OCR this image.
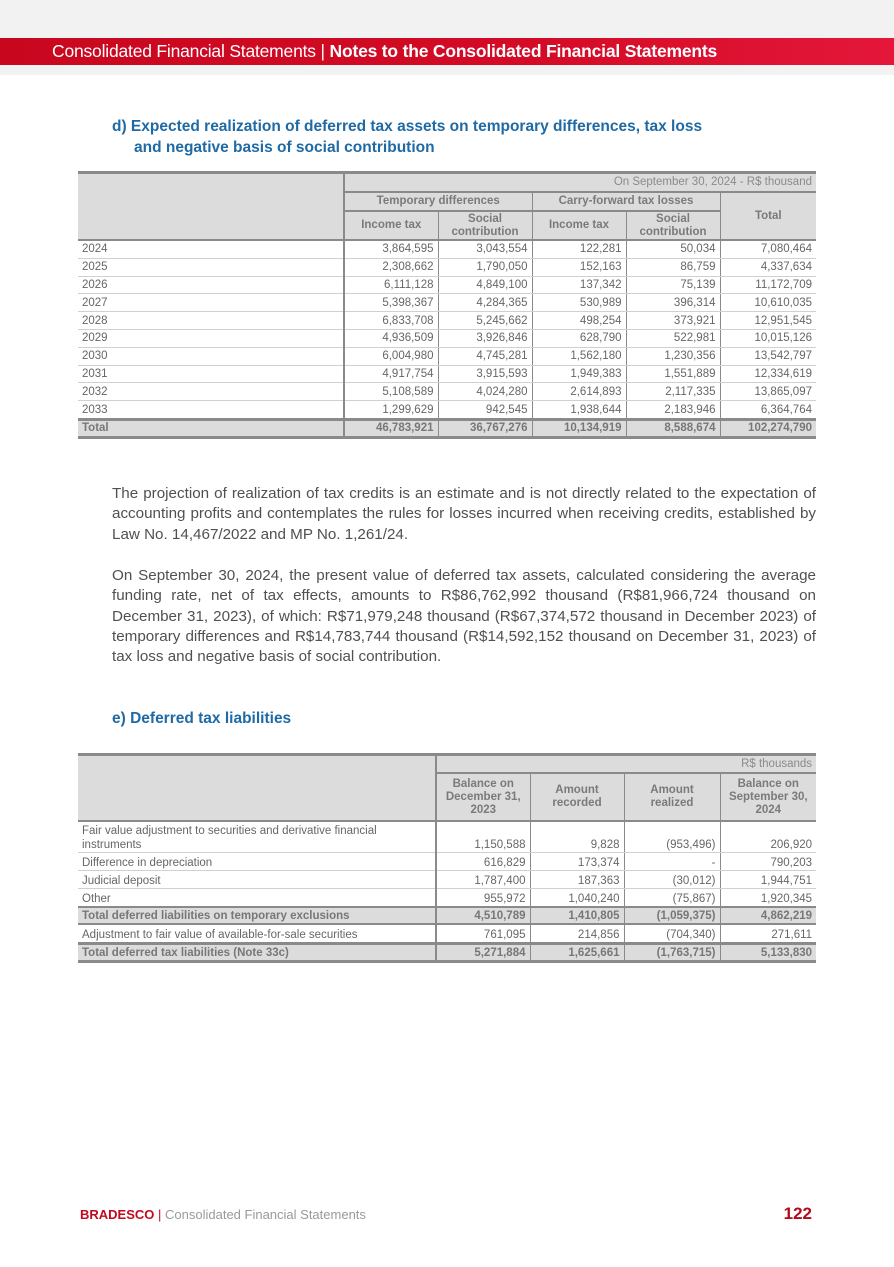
Consolidated Financial Statements | Notes to the Consolidated Financial Statements
d) Expected realization of deferred tax assets on temporary differences, tax loss
and negative basis of social contribution
	On September 30, 2024 - R$ thousand				
	Temporary differences		Carry-forward tax losses		Total
	Income tax	Social contribution	Income tax	Social contribution	
2024	3,864,595	3,043,554	122,281	50,034	7,080,464
2025	2,308,662	1,790,050	152,163	86,759	4,337,634
2026	6,111,128	4,849,100	137,342	75,139	11,172,709
2027	5,398,367	4,284,365	530,989	396,314	10,610,035
2028	6,833,708	5,245,662	498,254	373,921	12,951,545
2029	4,936,509	3,926,846	628,790	522,981	10,015,126
2030	6,004,980	4,745,281	1,562,180	1,230,356	13,542,797
2031	4,917,754	3,915,593	1,949,383	1,551,889	12,334,619
2032	5,108,589	4,024,280	2,614,893	2,117,335	13,865,097
2033	1,299,629	942,545	1,938,644	2,183,946	6,364,764
Total	46,783,921	36,767,276	10,134,919	8,588,674	102,274,790

The projection of realization of tax credits is an estimate and is not directly related to the expectation of accounting profits and contemplates the rules for losses incurred when receiving credits, established by Law No. 14,467/2022 and MP No. 1,261/24.

On September 30, 2024, the present value of deferred tax assets, calculated considering the average funding rate, net of tax effects, amounts to R$86,762,992 thousand (R$81,966,724 thousand on December 31, 2023), of which: R$71,979,248 thousand (R$67,374,572 thousand in December 2023) of temporary differences and R$14,783,744 thousand (R$14,592,152 thousand on December 31, 2023) of tax loss and negative basis of social contribution.

e) Deferred tax liabilities
	R$ thousands			
	Balance on December 31, 2023	Amount recorded	Amount realized	Balance on September 30, 2024
Fair value adjustment to securities and derivative financial instruments	1,150,588	9,828	(953,496)	206,920
Difference in depreciation	616,829	173,374	-	790,203
Judicial deposit	1,787,400	187,363	(30,012)	1,944,751
Other	955,972	1,040,240	(75,867)	1,920,345
Total deferred liabilities on temporary exclusions	4,510,789	1,410,805	(1,059,375)	4,862,219
Adjustment to fair value of available-for-sale securities	761,095	214,856	(704,340)	271,611
Total deferred tax liabilities (Note 33c)	5,271,884	1,625,661	(1,763,715)	5,133,830
BRADESCO | Consolidated Financial Statements	122
